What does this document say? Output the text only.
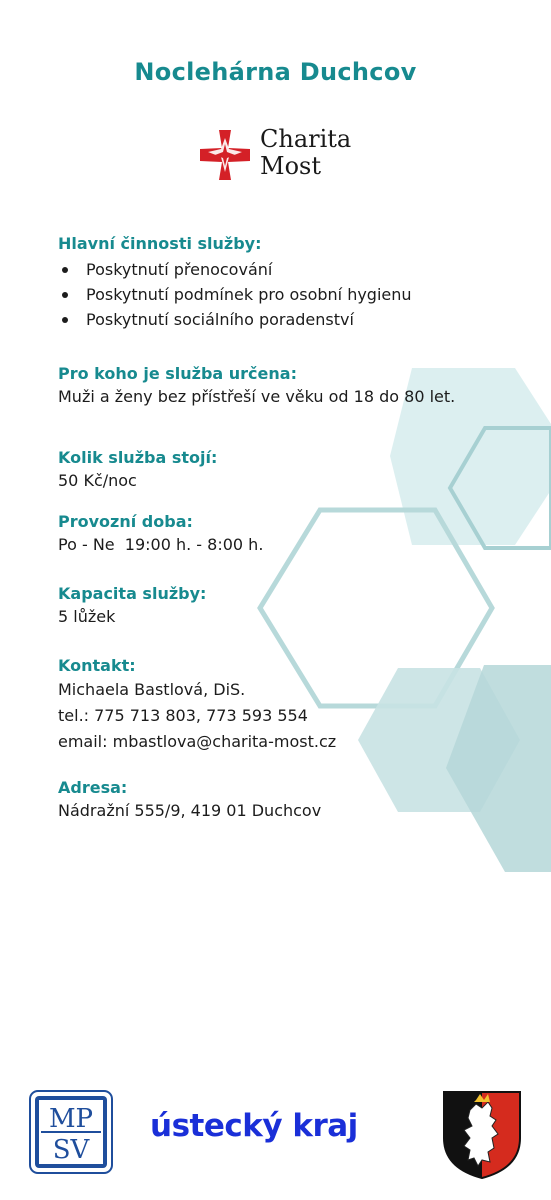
Noclehárna Duchcov
Charita
Most
Hlavní činnosti služby:
Poskytnutí přenocování
Poskytnutí podmínek pro osobní hygienu
Poskytnutí sociálního poradenství
Pro koho je služba určena:
Muži a ženy bez přístřeší ve věku od 18 do 80 let.
Kolik služba stojí:
50 Kč/noc
Provozní doba:
Po - Ne  19:00 h. - 8:00 h.
Kapacita služby:
5 lůžek
Kontakt:
Michaela Bastlová, DiS.
tel.: 775 713 803, 773 593 554
email: mbastlova@charita-most.cz
Adresa:
Nádražní 555/9, 419 01 Duchcov
MP
SV
ústecký kraj
